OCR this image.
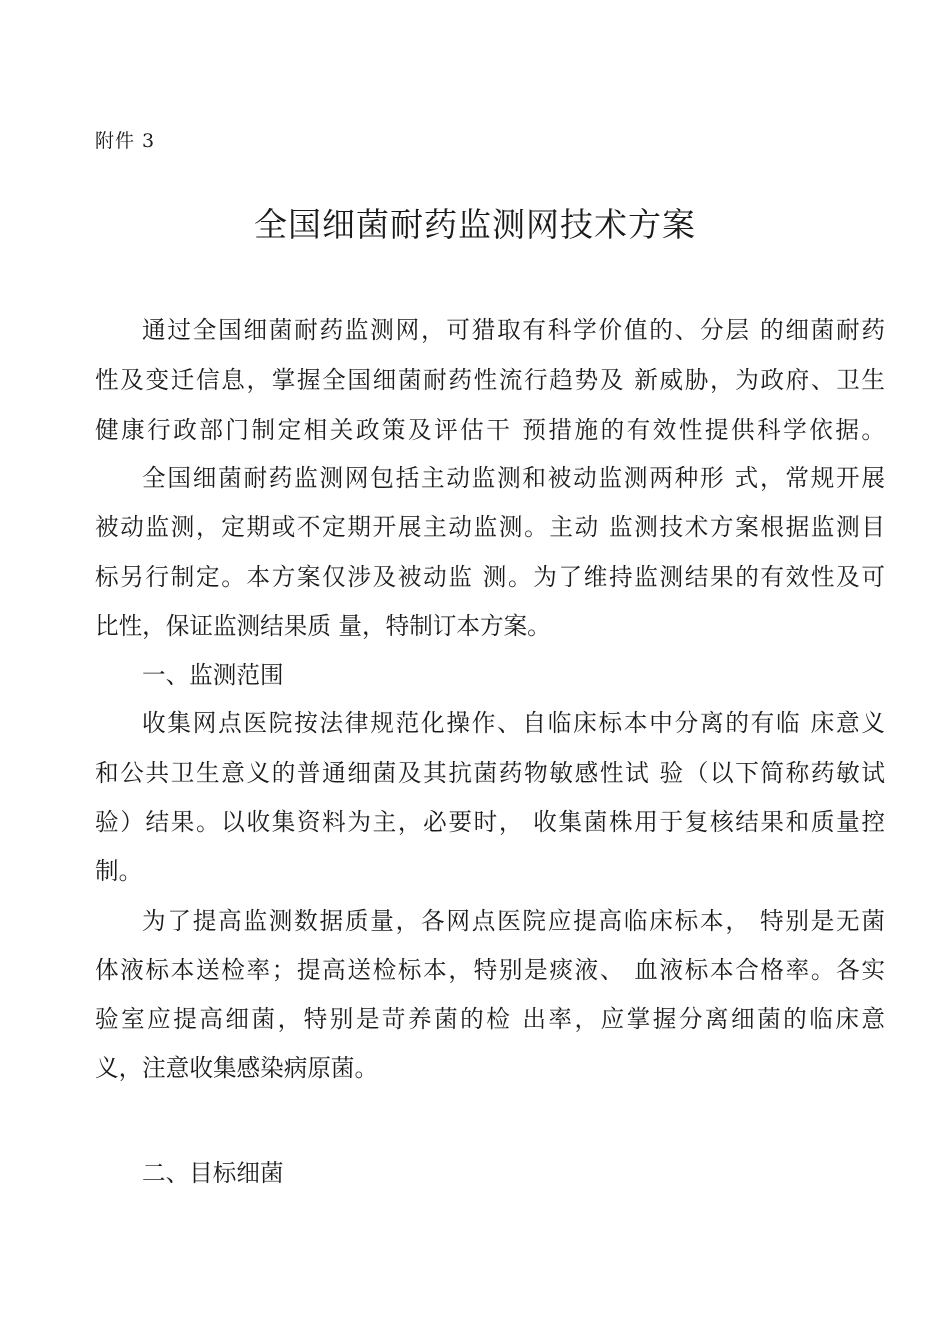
附件 3
全国细菌耐药监测网技术方案
通过全国细菌耐药监测网，可猎取有科学价值的、分层 的细菌耐药
性及变迁信息，掌握全国细菌耐药性流行趋势及 新威胁，为政府、卫生
健康行政部门制定相关政策及评估干 预措施的有效性提供科学依据。
全国细菌耐药监测网包括主动监测和被动监测两种形 式，常规开展
被动监测，定期或不定期开展主动监测。主动 监测技术方案根据监测目
标另行制定。本方案仅涉及被动监 测。为了维持监测结果的有效性及可
比性，保证监测结果质 量，特制订本方案。
一、监测范围
收集网点医院按法律规范化操作、自临床标本中分离的有临 床意义
和公共卫生意义的普通细菌及其抗菌药物敏感性试 验（以下简称药敏试
验）结果。以收集资料为主，必要时， 收集菌株用于复核结果和质量控
制。
为了提高监测数据质量，各网点医院应提高临床标本， 特别是无菌
体液标本送检率；提高送检标本，特别是痰液、 血液标本合格率。各实
验室应提高细菌，特别是苛养菌的检 出率，应掌握分离细菌的临床意
义，注意收集感染病原菌。
二、目标细菌
